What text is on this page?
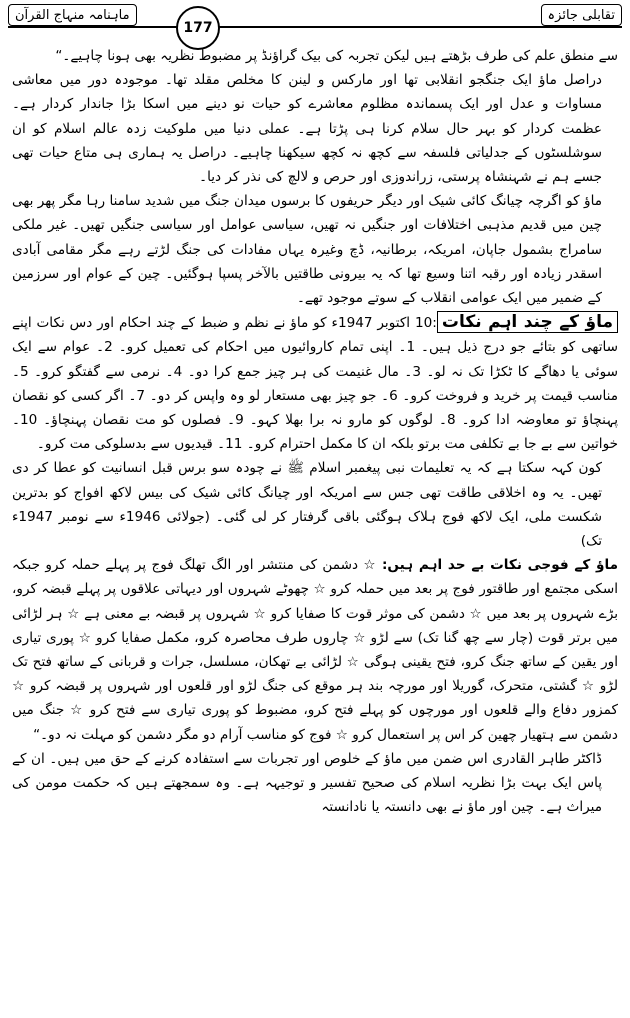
ماہنامہ منہاج القرآن
177
تقابلی جائزہ

سے منطق علم کی طرف بڑھتے ہیں لیکن تجربہ کی بیک گراؤنڈ پر مضبوط نظریہ بھی ہونا چاہیے۔“

دراصل ماؤ ایک جنگجو انقلابی تھا اور مارکس و لینن کا مخلص مقلد تھا۔ موجودہ دور میں معاشی مساوات و عدل اور ایک پسماندہ مظلوم معاشرے کو حیات نو دینے میں اسکا بڑا جاندار کردار ہے۔ عظمت کردار کو بہر حال سلام کرنا ہی پڑتا ہے۔ عملی دنیا میں ملوکیت زدہ عالم اسلام کو ان سوشلسٹوں کے جدلیاتی فلسفہ سے کچھ نہ کچھ سیکھنا چاہیے۔ دراصل یہ ہماری ہی متاع حیات تھی جسے ہم نے شہنشاہ پرستی، زراندوزی اور حرص و لالچ کی نذر کر دیا۔

ماؤ کو اگرچہ چیانگ کائی شیک اور دیگر حریفوں کا برسوں میدان جنگ میں شدید سامنا رہا مگر پھر بھی چین میں قدیم مذہبی اختلافات اور جنگیں نہ تھیں، سیاسی عوامل اور سیاسی جنگیں تھیں۔ غیر ملکی سامراج بشمول جاپان، امریکہ، برطانیہ، ڈچ وغیرہ یہاں مفادات کی جنگ لڑتے رہے مگر مقامی آبادی اسقدر زیادہ اور رقبہ اتنا وسیع تھا کہ یہ بیرونی طاقتیں بالآخر پسپا ہوگئیں۔ چین کے عوام اور سرزمین کے ضمیر میں ایک عوامی انقلاب کے سوتے موجود تھے۔

ماؤ کے چند اہم نکات:10 اکتوبر 1947ء کو ماؤ نے نظم و ضبط کے چند احکام اور دس نکات اپنے ساتھی کو بتائے جو درج ذیل ہیں۔ 1۔ اپنی تمام کاروائیوں میں احکام کی تعمیل کرو۔ 2۔ عوام سے ایک سوئی یا دھاگے کا ٹکڑا تک نہ لو۔ 3۔ مال غنیمت کی ہر چیز جمع کرا دو۔ 4۔ نرمی سے گفتگو کرو۔ 5۔ مناسب قیمت پر خرید و فروخت کرو۔ 6۔ جو چیز بھی مستعار لو وہ واپس کر دو۔ 7۔ اگر کسی کو نقصان پہنچاؤ تو معاوضہ ادا کرو۔ 8۔ لوگوں کو مارو نہ برا بھلا کہو۔ 9۔ فصلوں کو مت نقصان پہنچاؤ۔ 10۔ خواتین سے بے جا بے تکلفی مت برتو بلکہ ان کا مکمل احترام کرو۔ 11۔ قیدیوں سے بدسلوکی مت کرو۔

کون کہہ سکتا ہے کہ یہ تعلیمات نبی پیغمبر اسلام ﷺ نے چودہ سو برس قبل انسانیت کو عطا کر دی تھیں۔ یہ وہ اخلاقی طاقت تھی جس سے امریکہ اور چیانگ کائی شیک کی بیس لاکھ افواج کو بدترین شکست ملی، ایک لاکھ فوج ہلاک ہوگئی باقی گرفتار کر لی گئی۔ (جولائی 1946ء سے نومبر 1947ء تک)

ماؤ کے فوجی نکات بے حد اہم ہیں: ☆ دشمن کی منتشر اور الگ تھلگ فوج پر پہلے حملہ کرو جبکہ اسکی مجتمع اور طاقتور فوج پر بعد میں حملہ کرو ☆ چھوٹے شہروں اور دیہاتی علاقوں پر پہلے قبضہ کرو، بڑے شہروں پر بعد میں ☆ دشمن کی موثر قوت کا صفایا کرو ☆ شہروں پر قبضہ بے معنی ہے ☆ ہر لڑائی میں برتر قوت (چار سے چھ گنا تک) سے لڑو ☆ چاروں طرف محاصرہ کرو، مکمل صفایا کرو ☆ پوری تیاری اور یقین کے ساتھ جنگ کرو، فتح یقینی ہوگی ☆ لڑائی بے تھکان، مسلسل، جرات و قربانی کے ساتھ فتح تک لڑو ☆ گشتی، متحرک، گوریلا اور مورچہ بند ہر موقع کی جنگ لڑو اور قلعوں اور شہروں پر قبضہ کرو ☆ کمزور دفاع والے قلعوں اور مورچوں کو پہلے فتح کرو، مضبوط کو پوری تیاری سے فتح کرو ☆ جنگ میں دشمن سے ہتھیار چھین کر اس پر استعمال کرو ☆ فوج کو مناسب آرام دو مگر دشمن کو مہلت نہ دو۔“

ڈاکٹر طاہر القادری اس ضمن میں ماؤ کے خلوص اور تجربات سے استفادہ کرنے کے حق میں ہیں۔ ان کے پاس ایک بہت بڑا نظریہ اسلام کی صحیح تفسیر و توجیہہ ہے۔ وہ سمجھتے ہیں کہ حکمت مومن کی میراث ہے۔ چین اور ماؤ نے بھی دانستہ یا نادانستہ
